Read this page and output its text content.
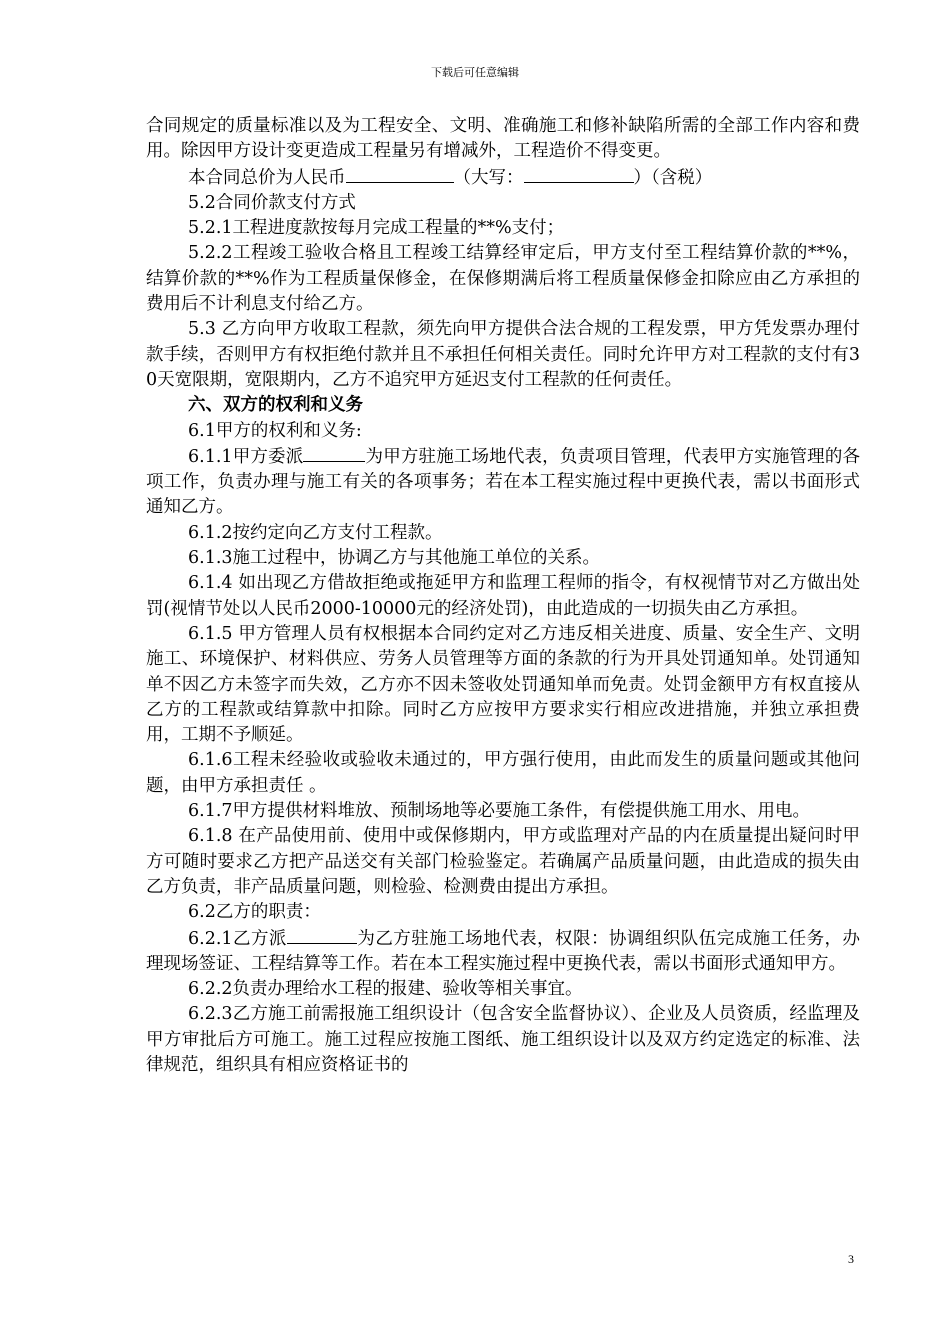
下载后可任意编辑

合同规定的质量标准以及为工程安全、文明、准确施工和修补缺陷所需的全部工作内容和费用。除因甲方设计变更造成工程量另有增减外，工程造价不得变更。

本合同总价为人民币	（大写：	）（含税）

5.2合同价款支付方式

5.2.1工程进度款按每月完成工程量的**%支付；

5.2.2工程竣工验收合格且工程竣工结算经审定后，甲方支付至工程结算价款的**%，结算价款的**%作为工程质量保修金，在保修期满后将工程质量保修金扣除应由乙方承担的费用后不计利息支付给乙方。

5.3 乙方向甲方收取工程款，须先向甲方提供合法合规的工程发票，甲方凭发票办理付款手续，否则甲方有权拒绝付款并且不承担任何相关责任。同时允许甲方对工程款的支付有30天宽限期，宽限期内，乙方不追究甲方延迟支付工程款的任何责任。

六、双方的权利和义务

6.1甲方的权利和义务:

6.1.1甲方委派	为甲方驻施工场地代表，负责项目管理，代表甲方实施管理的各项工作，负责办理与施工有关的各项事务；若在本工程实施过程中更换代表，需以书面形式通知乙方。

6.1.2按约定向乙方支付工程款。

6.1.3施工过程中，协调乙方与其他施工单位的关系。

6.1.4 如出现乙方借故拒绝或拖延甲方和监理工程师的指令，有权视情节对乙方做出处罚(视情节处以人民币2000-10000元的经济处罚)，由此造成的一切损失由乙方承担。

6.1.5 甲方管理人员有权根据本合同约定对乙方违反相关进度、质量、安全生产、文明施工、环境保护、材料供应、劳务人员管理等方面的条款的行为开具处罚通知单。处罚通知单不因乙方未签字而失效，乙方亦不因未签收处罚通知单而免责。处罚金额甲方有权直接从乙方的工程款或结算款中扣除。同时乙方应按甲方要求实行相应改进措施，并独立承担费用，工期不予顺延。

6.1.6工程未经验收或验收未通过的，甲方强行使用，由此而发生的质量问题或其他问题，由甲方承担责任 。

6.1.7甲方提供材料堆放、预制场地等必要施工条件，有偿提供施工用水、用电。

6.1.8 在产品使用前、使用中或保修期内，甲方或监理对产品的内在质量提出疑问时甲方可随时要求乙方把产品送交有关部门检验鉴定。若确属产品质量问题，由此造成的损失由乙方负责，非产品质量问题，则检验、检测费由提出方承担。

6.2乙方的职责：

6.2.1乙方派	为乙方驻施工场地代表，权限：协调组织队伍完成施工任务，办理现场签证、工程结算等工作。若在本工程实施过程中更换代表，需以书面形式通知甲方。

6.2.2负责办理给水工程的报建、验收等相关事宜。

6.2.3乙方施工前需报施工组织设计（包含安全监督协议）、企业及人员资质，经监理及甲方审批后方可施工。施工过程应按施工图纸、施工组织设计以及双方约定选定的标准、法律规范，组织具有相应资格证书的

3
